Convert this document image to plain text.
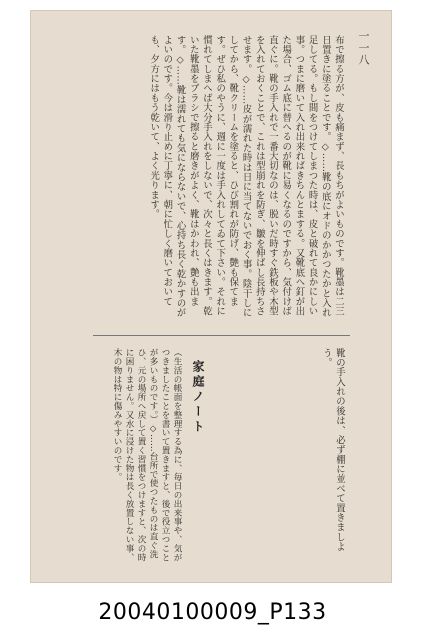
一一八
布で擦る方が、皮も痛まず、長もちがよいものです。靴墨は二三日置きに塗ることです。◇……靴の底にオドのかかつたかと入れ足してる。もし間をつけてしまつた時は、皮と破れて良かにしい事。つまに磨いて入れ出来ればきちんとまする。又靴底へ釘が出た場合、ゴム底に替へるのが靴に易くなるのですから、気付けば直ぐに。靴の手入れで一番大切なのは、脱いだ時すぐ鉄板や木型を入れておくことで、これは型崩れを防ぎ、皺を伸ばし長持ちさせます。◇……皮が濡れた時は日に当てないでおく事。陰干しにしてから、靴クリームを塗ると、ひび割れが防げ、艶も保てます。ぜひ私のやうに、週に一度は手入れしてゐて下さい。それに慣れてしまへば大分手入れをしないで、次々と長くはきます。乾いた靴墨をブラシで擦ると磨きがよく、靴はかわれ、艶も出ます。◇……靴は濡れても気にならないで、心持ち長く乾かすのがよいのです。今は滑り止めに丁寧に、朝に忙しく磨いておいても、夕方にはもう乾いて、よく光ります。
靴の手入れの後は、必ず棚に並べて置きましよう。
家庭ノート
（生活の帳面を整理する為に、毎日の出来事や、気がつきましたことを書いて置きますと、後で役立つことが多いものです。）◇……台所で使つたものは直ぐ洗ひ、元の場所へ戻して置く習慣をつけますと、次の時に困りません。又水に浸けた物は長く放置しない事、木の物は特に傷みやすいのです。
20040100009_P133
